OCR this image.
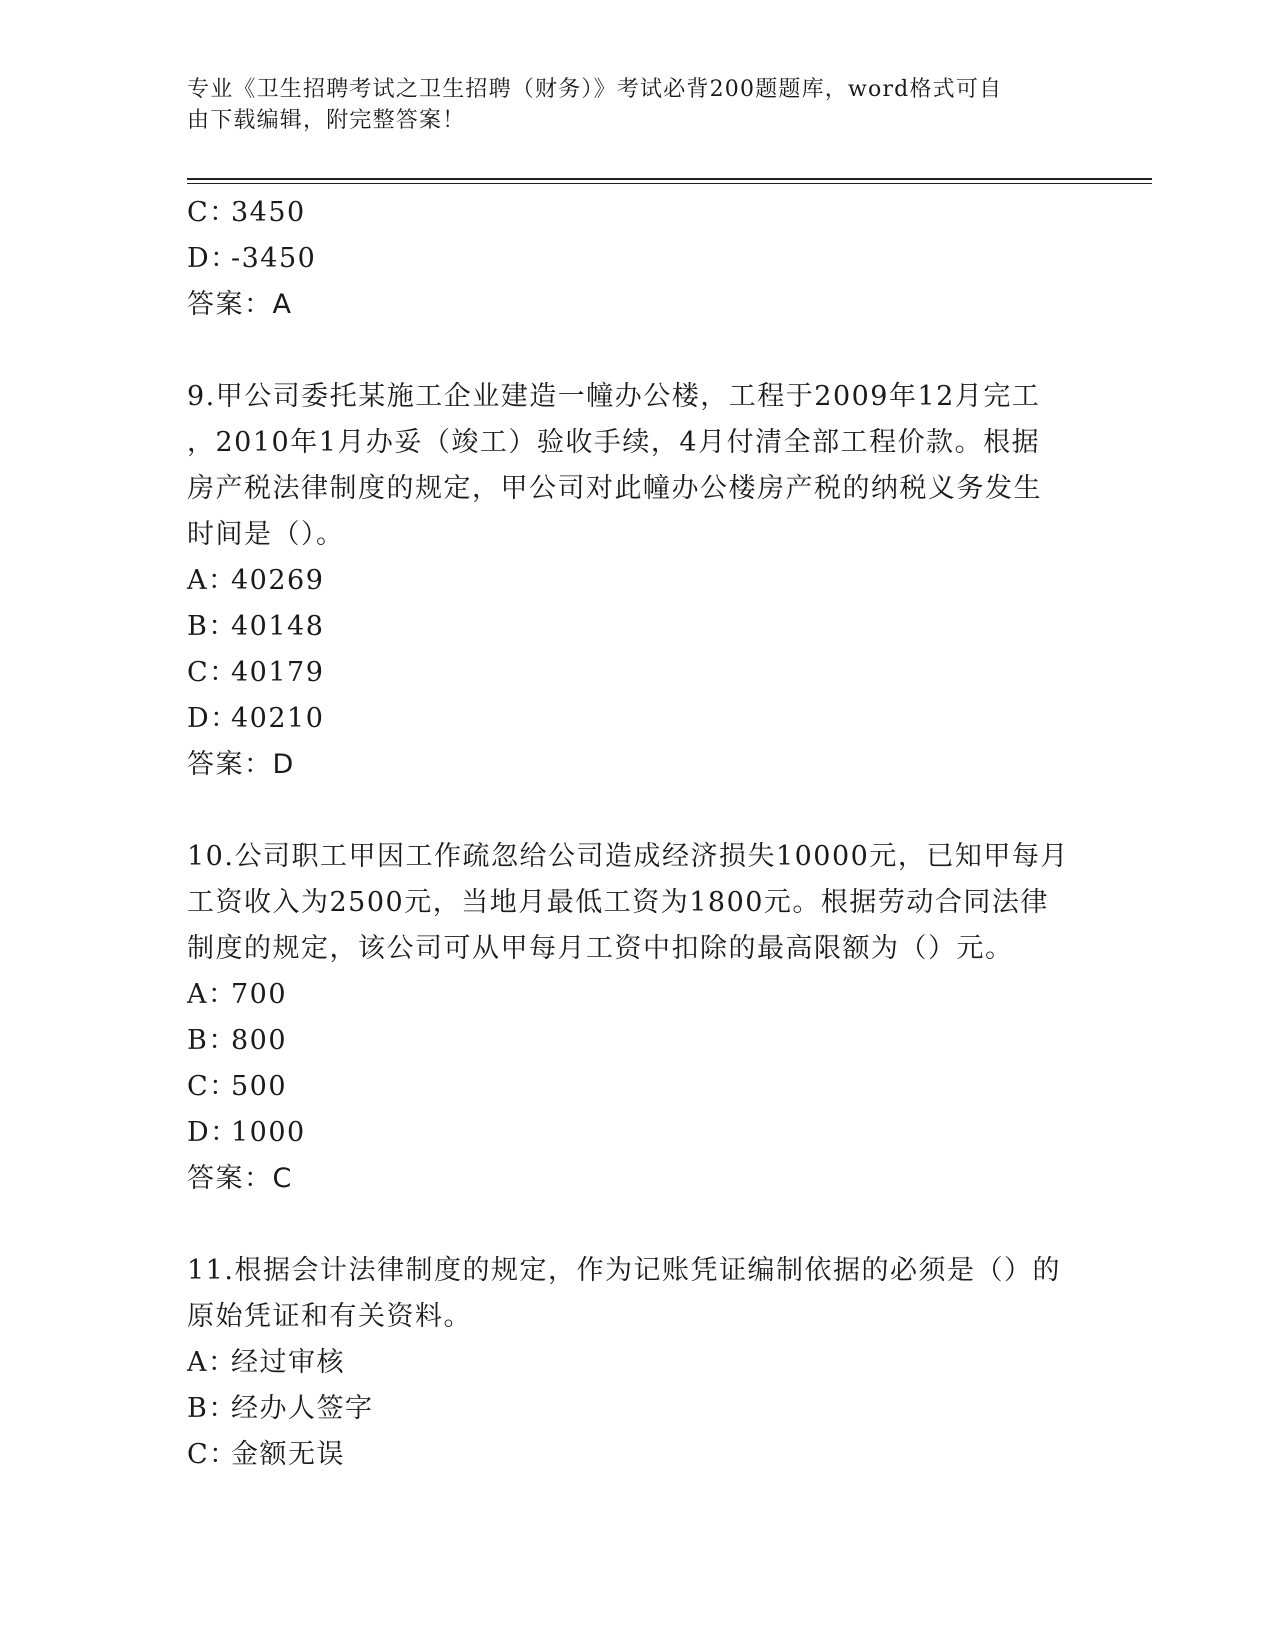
专业《卫生招聘考试之卫生招聘（财务）》考试必背200题题库，word格式可自
由下载编辑，附完整答案！
C：3450
D：-3450
答案：A
9.甲公司委托某施工企业建造一幢办公楼，工程于2009年12月完工
，2010年1月办妥（竣工）验收手续，4月付清全部工程价款。根据
房产税法律制度的规定，甲公司对此幢办公楼房产税的纳税义务发生
时间是（）。
A：40269
B：40148
C：40179
D：40210
答案：D
10.公司职工甲因工作疏忽给公司造成经济损失10000元，已知甲每月
工资收入为2500元，当地月最低工资为1800元。根据劳动合同法律
制度的规定，该公司可从甲每月工资中扣除的最高限额为（）元。
A：700
B：800
C：500
D：1000
答案：C
11.根据会计法律制度的规定，作为记账凭证编制依据的必须是（）的
原始凭证和有关资料。
A：经过审核
B：经办人签字
C：金额无误
